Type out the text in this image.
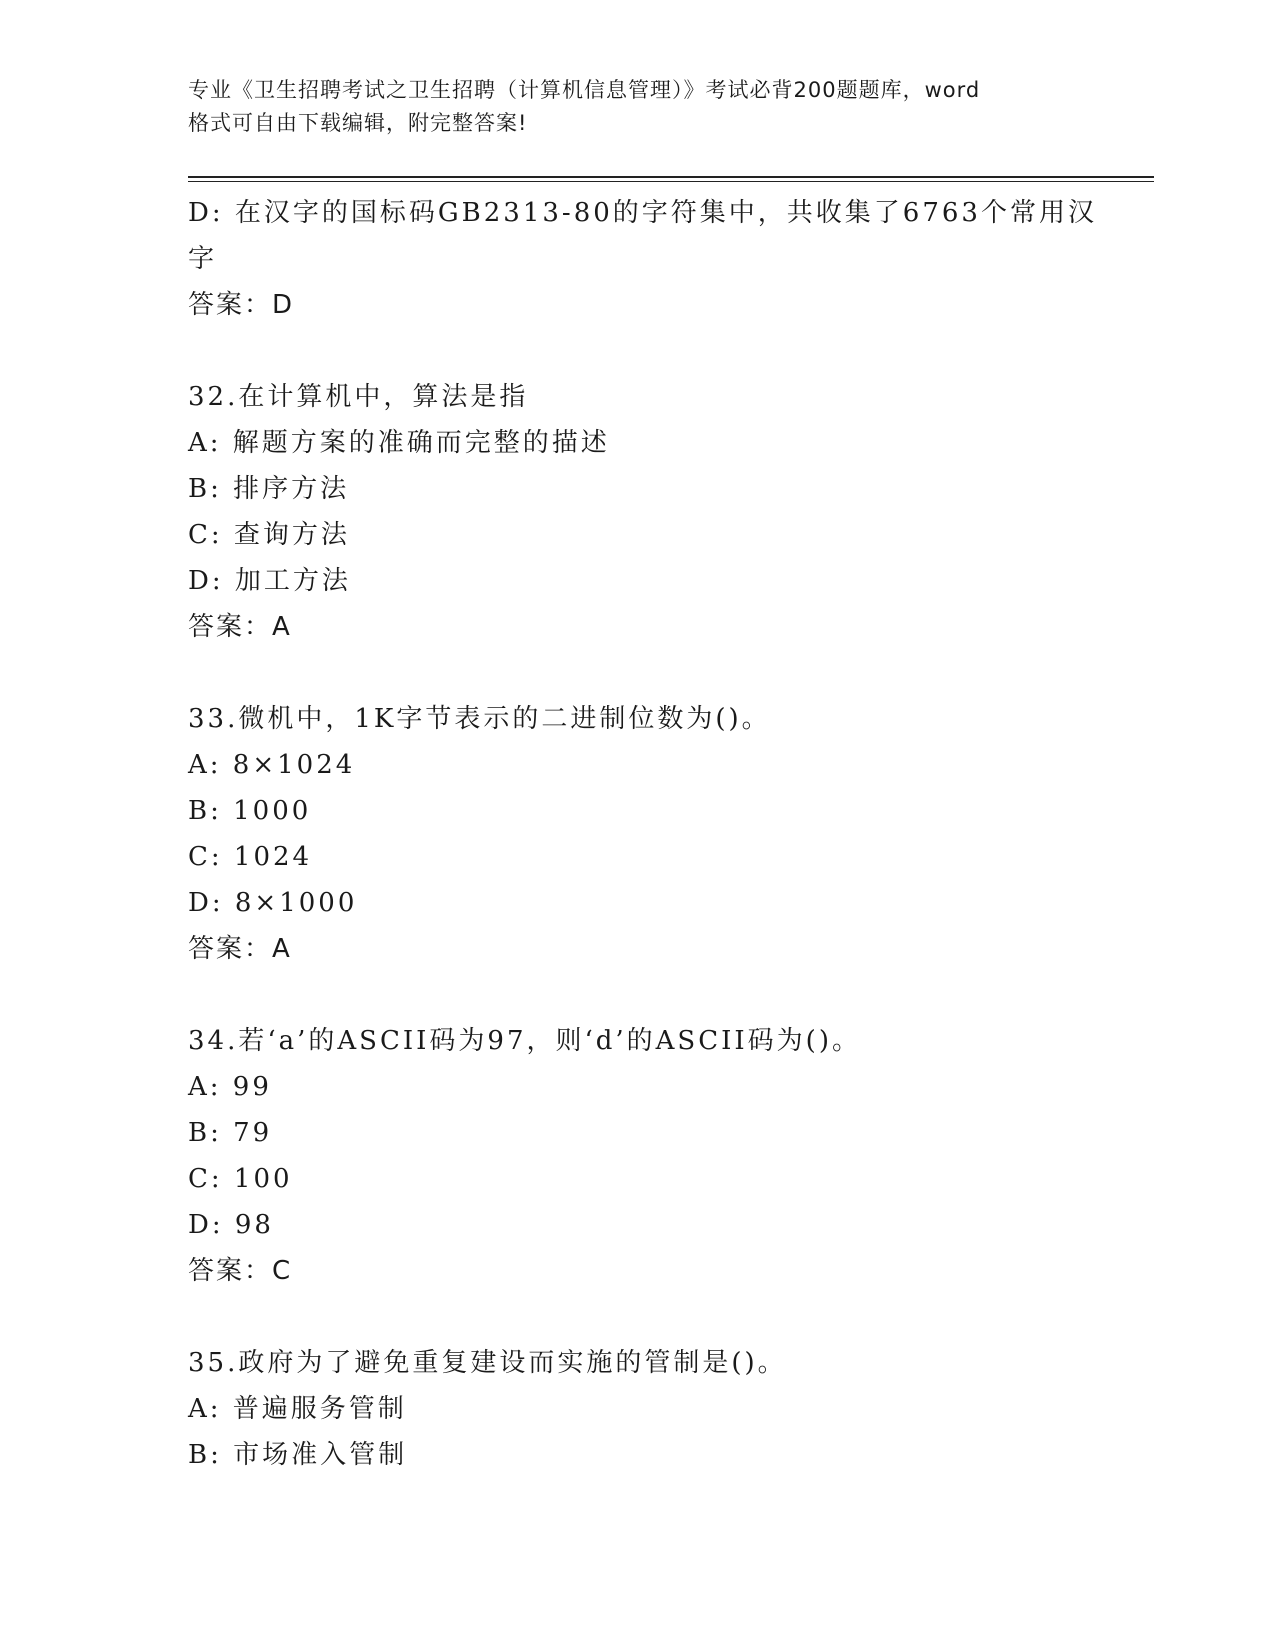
专业《卫生招聘考试之卫生招聘（计算机信息管理）》考试必背200题题库，word
格式可自由下载编辑，附完整答案!
D: 在汉字的国标码GB2313-80的字符集中，共收集了6763个常用汉
字
答案：D
32.在计算机中，算法是指
A: 解题方案的准确而完整的描述
B: 排序方法
C: 查询方法
D: 加工方法
答案：A
33.微机中，1K字节表示的二进制位数为()。
A: 8×1024
B: 1000
C: 1024
D: 8×1000
答案：A
34.若‘a’的ASCII码为97，则‘d’的ASCII码为()。
A: 99
B: 79
C: 100
D: 98
答案：C
35.政府为了避免重复建设而实施的管制是()。
A: 普遍服务管制
B: 市场准入管制
